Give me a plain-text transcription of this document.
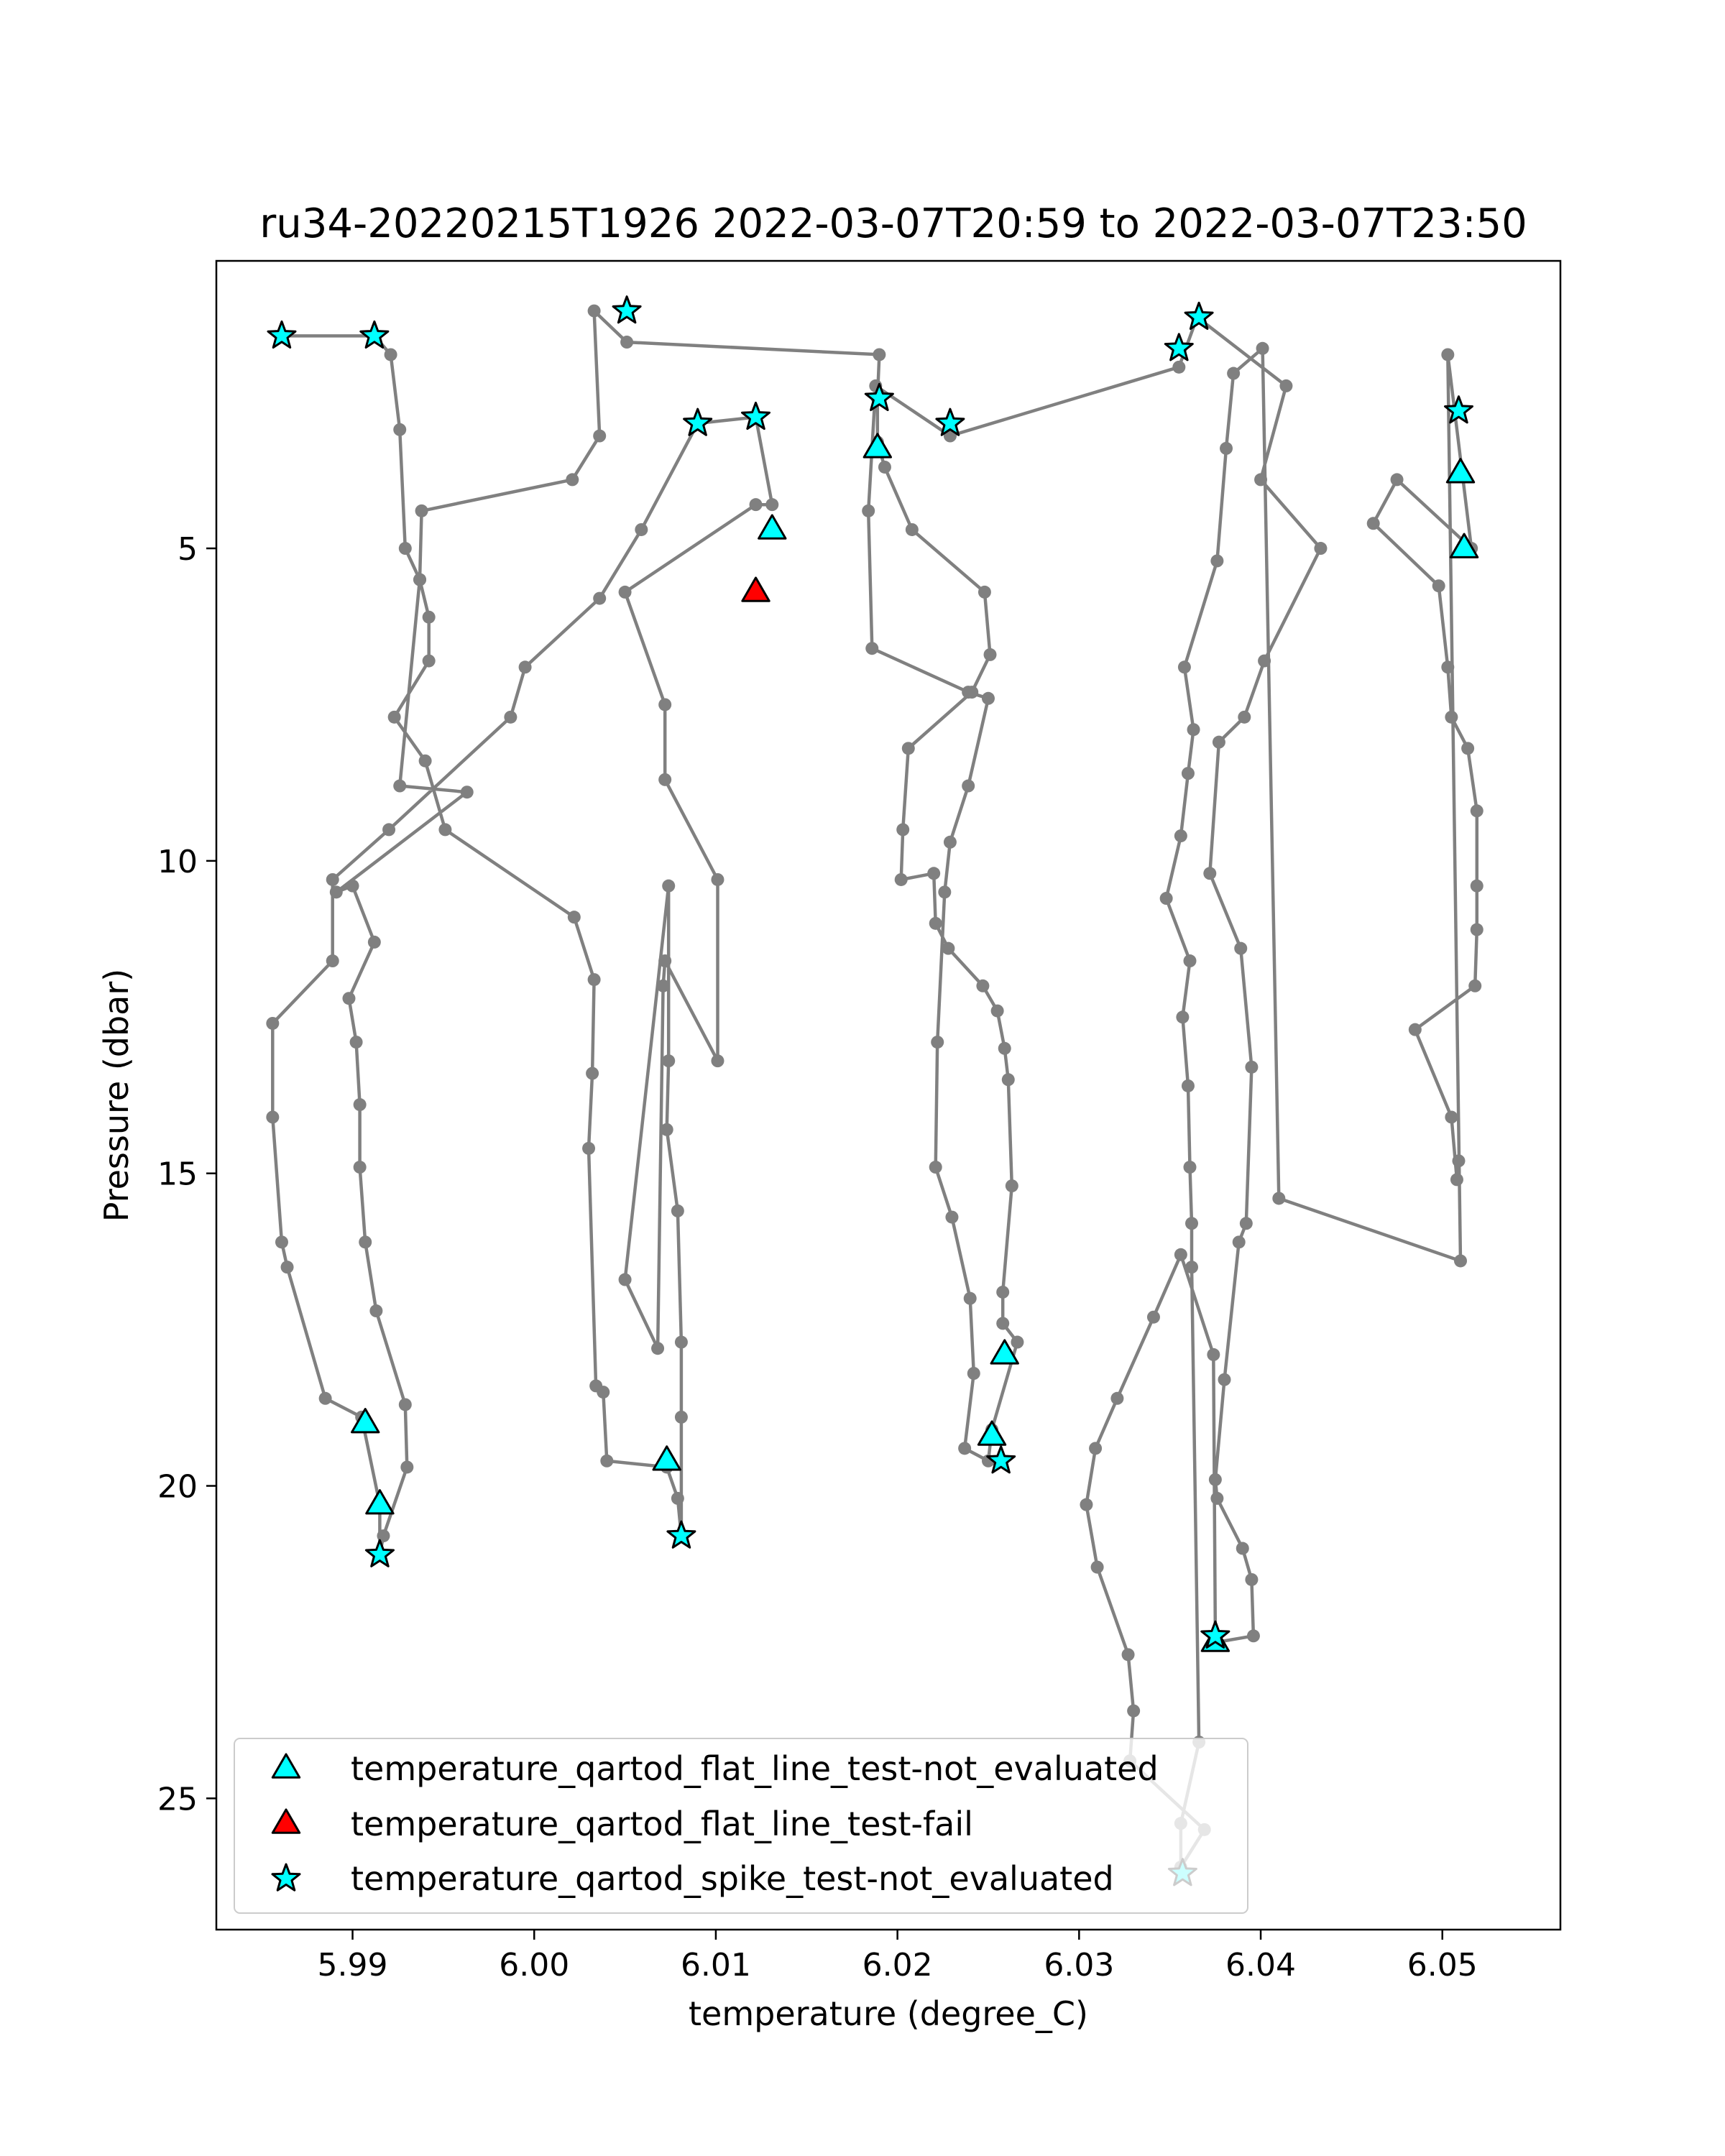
ru34-20220215T1926 2022-03-07T20:59 to 2022-03-07T23:50
5.99	6.00	6.01	6.02	6.03	6.04	6.05
5
10
15
20
25
temperature (degree_C)
Pressure (dbar)
temperature_qartod_flat_line_test-not_evaluated
temperature_qartod_flat_line_test-fail
temperature_qartod_spike_test-not_evaluated
